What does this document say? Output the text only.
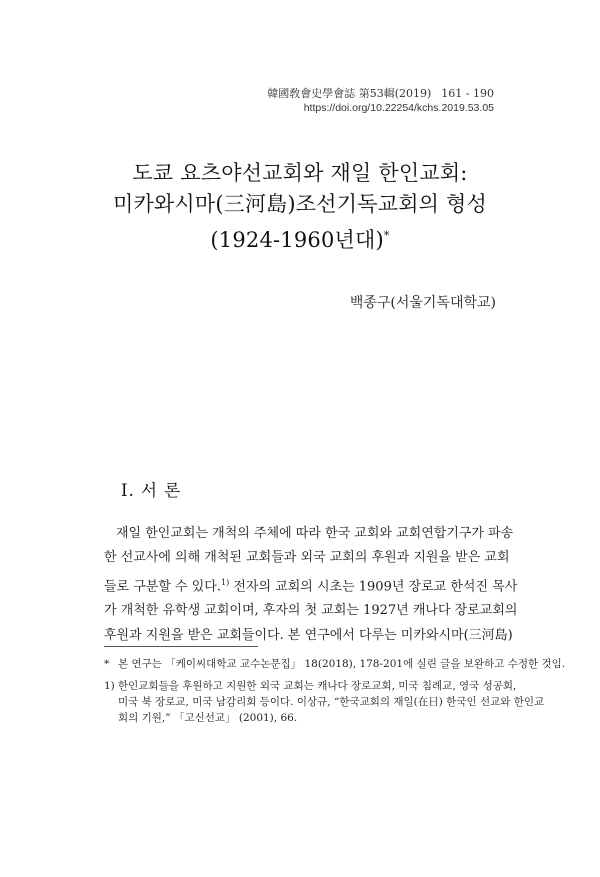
韓國敎會史學會誌 第53輯(2019) 161 - 190
https://doi.org/10.22254/kchs.2019.53.05
도쿄 요츠야선교회와 재일 한인교회:
미카와시마(三河島)조선기독교회의 형성
(1924-1960년대)*
백종구(서울기독대학교)
I. 서 론
재일 한인교회는 개척의 주체에 따라 한국 교회와 교회연합기구가 파송
한 선교사에 의해 개척된 교회들과 외국 교회의 후원과 지원을 받은 교회
들로 구분할 수 있다.$^{1)}$ 전자의 교회의 시초는 1909년 장로교 한석진 목사
가 개척한 유학생 교회이며, 후자의 첫 교회는 1927년 캐나다 장로교회의
후원과 지원을 받은 교회들이다. 본 연구에서 다루는 미카와시마(三河島)
* 본 연구는 「케이씨대학교 교수논문집」 18(2018), 178-201에 실린 글을 보완하고 수정한 것임.
1) 한인교회들을 후원하고 지원한 외국 교회는 캐나다 장로교회, 미국 침례교, 영국 성공회,
미국 북 장로교, 미국 남감리회 등이다. 이상규, “한국교회의 재일(在日) 한국인 선교와 한인교
회의 기원,” 「고신선교」 (2001), 66.
